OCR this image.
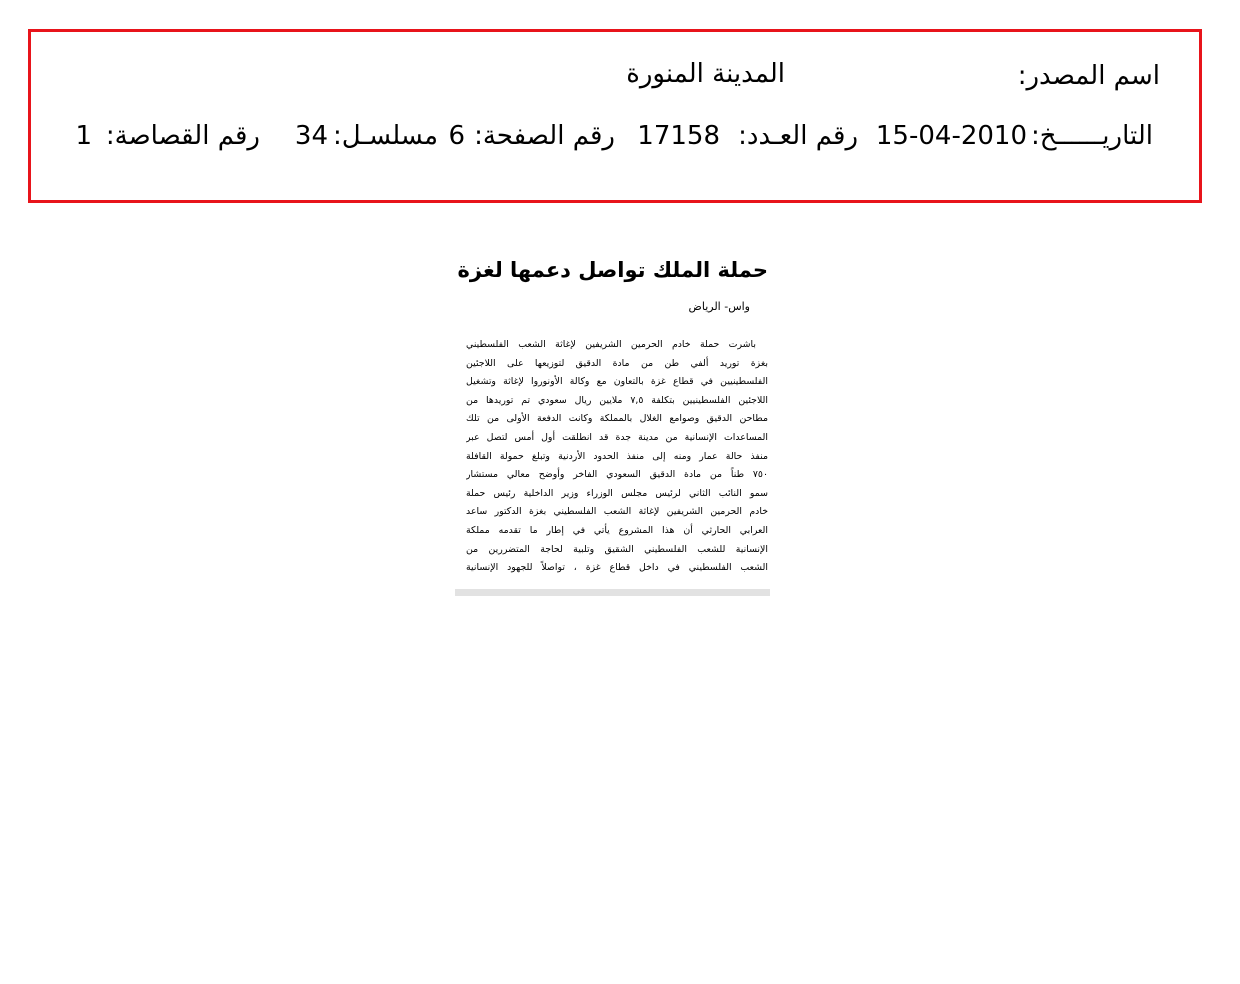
اسم المصدر:
المدينة المنورة
التاريــــــخ:
15-04-2010
رقم العـدد:
17158
رقم الصفحة:
6
مسلسـل:
34
رقم القصاصة:
1
حملة الملك تواصل دعمها لغزة
واس- الرياض
باشرت حملة خادم الحرمين الشريفين لإغاثة الشعب الفلسطيني
بغزة توريد ألفي طن من مادة الدقيق لتوزيعها على اللاجئين
الفلسطينيين في قطاع غزة بالتعاون مع وكالة الأونوروا لإغاثة وتشغيل
اللاجئين الفلسطينيين بتكلفة ٧,٥ ملايين ريال سعودي تم توريدها من
مطاحن الدقيق وصوامع الغلال بالمملكة وكانت الدفعة الأولى من تلك
المساعدات الإنسانية من مدينة جدة قد انطلقت أول أمس لتصل عبر
منفذ حالة عمار ومنه إلى منفذ الحدود الأردنية وتبلغ حمولة القافلة
٧٥٠ طناً من مادة الدقيق السعودي الفاخر وأوضح معالي مستشار
سمو النائب الثاني لرئيس مجلس الوزراء وزير الداخلية رئيس حملة
خادم الحرمين الشريفين لإغاثة الشعب الفلسطيني بغزة الدكتور ساعد
العرابي الحارثي أن هذا المشروع يأتي في إطار ما تقدمه مملكة
الإنسانية للشعب الفلسطيني الشقيق وتلبية لحاجة المتضررين من
الشعب الفلسطيني في داخل قطاع غزة ، تواصلاً للجهود الإنسانية
